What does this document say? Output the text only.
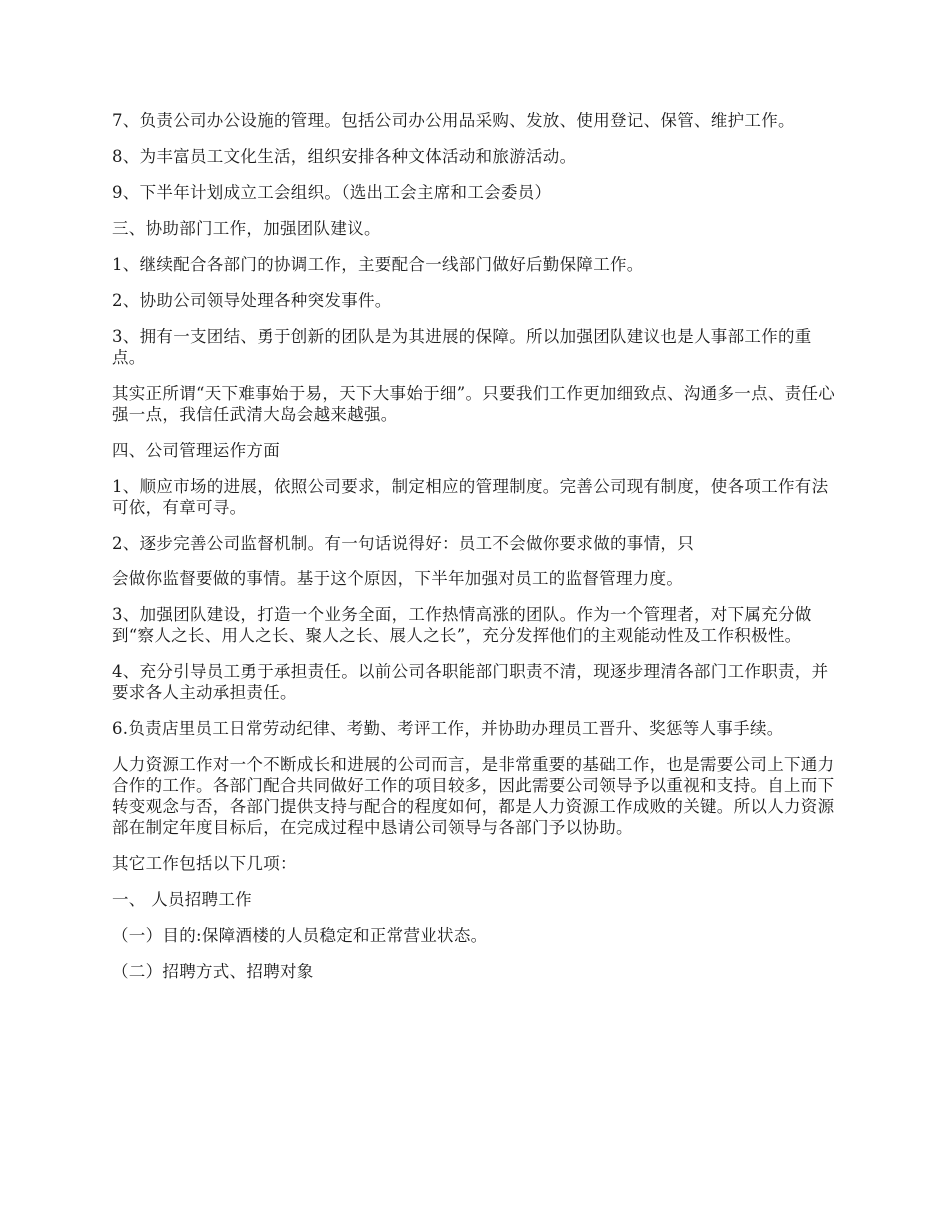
7、负责公司办公设施的管理。包括公司办公用品采购、发放、使用登记、保管、维护工作。

8、为丰富员工文化生活，组织安排各种文体活动和旅游活动。

9、下半年计划成立工会组织。（选出工会主席和工会委员）

三、协助部门工作，加强团队建议。

1、继续配合各部门的协调工作，主要配合一线部门做好后勤保障工作。

2、协助公司领导处理各种突发事件。

3、拥有一支团结、勇于创新的团队是为其进展的保障。所以加强团队建议也是人事部工作的重点。

其实正所谓“天下难事始于易，天下大事始于细”。只要我们工作更加细致点、沟通多一点、责任心强一点，我信任武清大岛会越来越强。

四、公司管理运作方面

1、顺应市场的进展，依照公司要求，制定相应的管理制度。完善公司现有制度，使各项工作有法可依，有章可寻。

2、逐步完善公司监督机制。有一句话说得好：员工不会做你要求做的事情，只

会做你监督要做的事情。基于这个原因，下半年加强对员工的监督管理力度。

3、加强团队建设，打造一个业务全面，工作热情高涨的团队。作为一个管理者，对下属充分做到“察人之长、用人之长、聚人之长、展人之长”，充分发挥他们的主观能动性及工作积极性。

4、充分引导员工勇于承担责任。以前公司各职能部门职责不清，现逐步理清各部门工作职责，并要求各人主动承担责任。

6.负责店里员工日常劳动纪律、考勤、考评工作，并协助办理员工晋升、奖惩等人事手续。

人力资源工作对一个不断成长和进展的公司而言，是非常重要的基础工作，也是需要公司上下通力合作的工作。各部门配合共同做好工作的项目较多，因此需要公司领导予以重视和支持。自上而下转变观念与否，各部门提供支持与配合的程度如何，都是人力资源工作成败的关键。所以人力资源部在制定年度目标后，在完成过程中恳请公司领导与各部门予以协助。

其它工作包括以下几项：

一、 人员招聘工作

（一）目的:保障酒楼的人员稳定和正常营业状态。

（二）招聘方式、招聘对象
